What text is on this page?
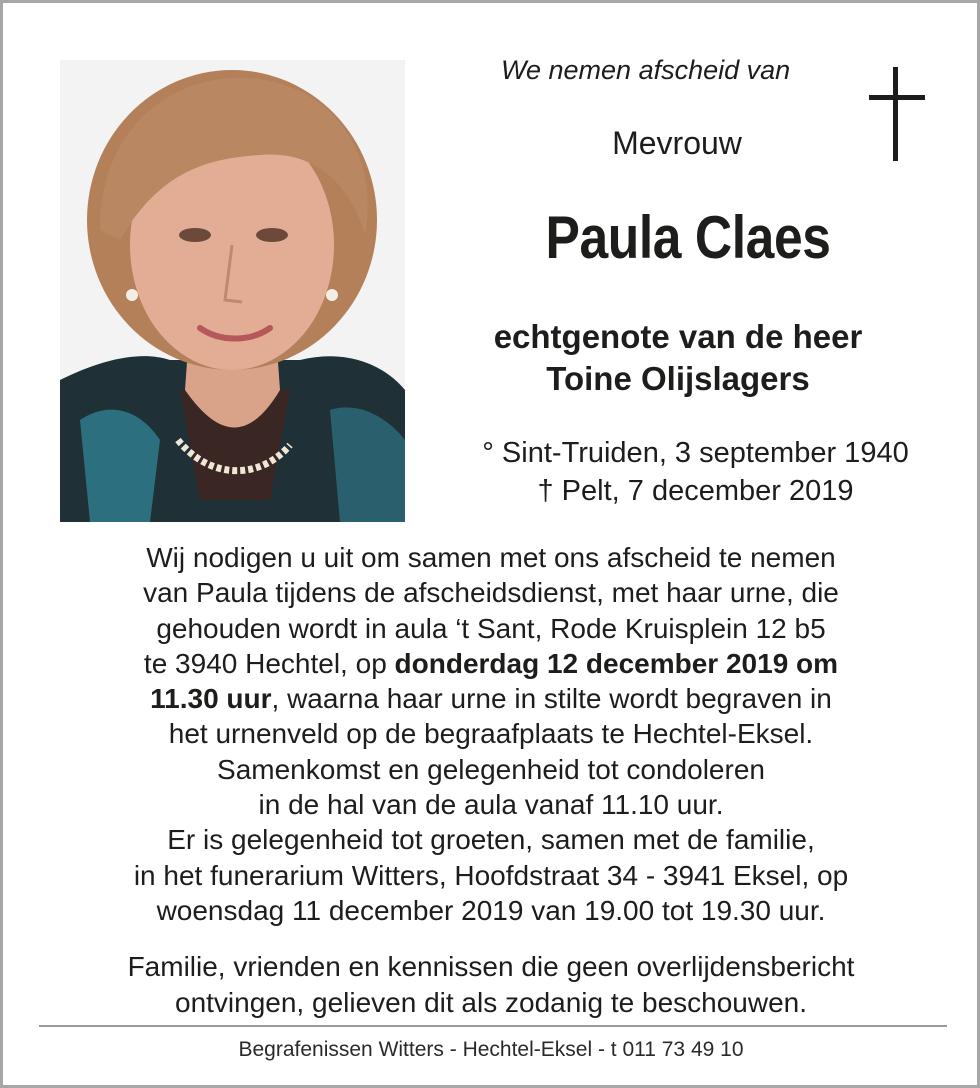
We nemen afscheid van
Mevrouw
Paula Claes
echtgenote van de heer
Toine Olijslagers
° Sint-Truiden, 3 september 1940
† Pelt, 7 december 2019

Wij nodigen u uit om samen met ons afscheid te nemen

van Paula tijdens de afscheidsdienst, met haar urne, die

gehouden wordt in aula ‘t Sant, Rode Kruisplein 12 b5

te 3940 Hechtel, op donderdag 12 december 2019 om

11.30 uur, waarna haar urne in stilte wordt begraven in

het urnenveld op de begraafplaats te Hechtel-Eksel.

Samenkomst en gelegenheid tot condoleren

in de hal van de aula vanaf 11.10 uur.

Er is gelegenheid tot groeten, samen met de familie,

in het funerarium Witters, Hoofdstraat 34 - 3941 Eksel, op

woensdag 11 december 2019 van 19.00 tot 19.30 uur.

Familie, vrienden en kennissen die geen overlijdensbericht
ontvingen, gelieven dit als zodanig te beschouwen.
Begrafenissen Witters - Hechtel-Eksel - t 011 73 49 10
